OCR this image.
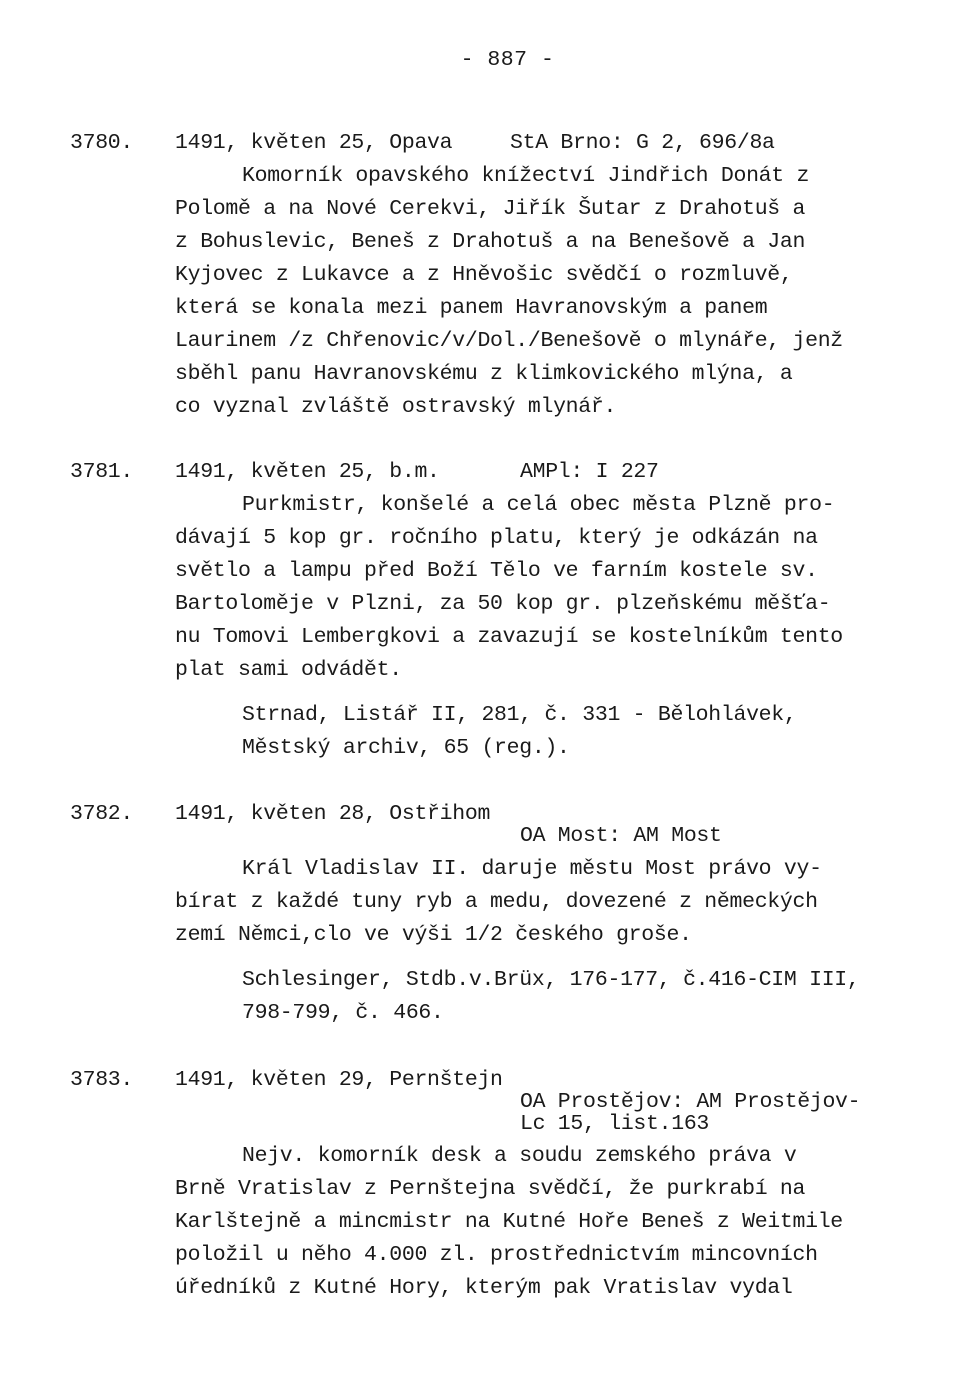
- 887 -
3780. 1491, květen 25, Opava	StA Brno: G 2, 696/8a
Komorník opavského knížectví Jindřich Donát z
Polomě a na Nové Cerekvi, Jiřík Šutar z Drahotuš a
z Bohuslevic, Beneš z Drahotuš a na Benešově a Jan
Kyjovec z Lukavce a z Hněvošic svědčí o rozmluvě,
která se konala mezi panem Havranovským a panem
Laurinem /z Chřenovic/v/Dol./Benešově o mlynáře, jenž
sběhl panu Havranovskému z klimkovického mlýna, a
co vyznal zvláště ostravský mlynář.
3781. 1491, květen 25, b.m.	AMPl: I 227
Purkmistr, konšelé a celá obec města Plzně pro-
dávají 5 kop gr. ročního platu, který je odkázán na
světlo a lampu před Boží Tělo ve farním kostele sv.
Bartoloměje v Plzni, za 50 kop gr. plzeňskému měšťa-
nu Tomovi Lembergkovi a zavazují se kostelníkům tento
plat sami odvádět.
Strnad, Listář II, 281, č. 331 - Bělohlávek,
Městský archiv, 65 (reg.).
3782. 1491, květen 28, Ostřihom
OA Most: AM Most
Král Vladislav II. daruje městu Most právo vy-
bírat z každé tuny ryb a medu, dovezené z německých
zemí Němci,clo ve výši 1/2 českého groše.
Schlesinger, Stdb.v.Brüx, 176-177, č.416-CIM III,
798-799, č. 466.
3783. 1491, květen 29, Pernštejn
OA Prostějov: AM Prostějov-
Lc 15, list.163
Nejv. komorník desk a soudu zemského práva v
Brně Vratislav z Pernštejna svědčí, že purkrabí na
Karlštejně a mincmistr na Kutné Hoře Beneš z Weitmile
položil u něho 4.000 zl. prostřednictvím mincovních
úředníků z Kutné Hory, kterým pak Vratislav vydal
